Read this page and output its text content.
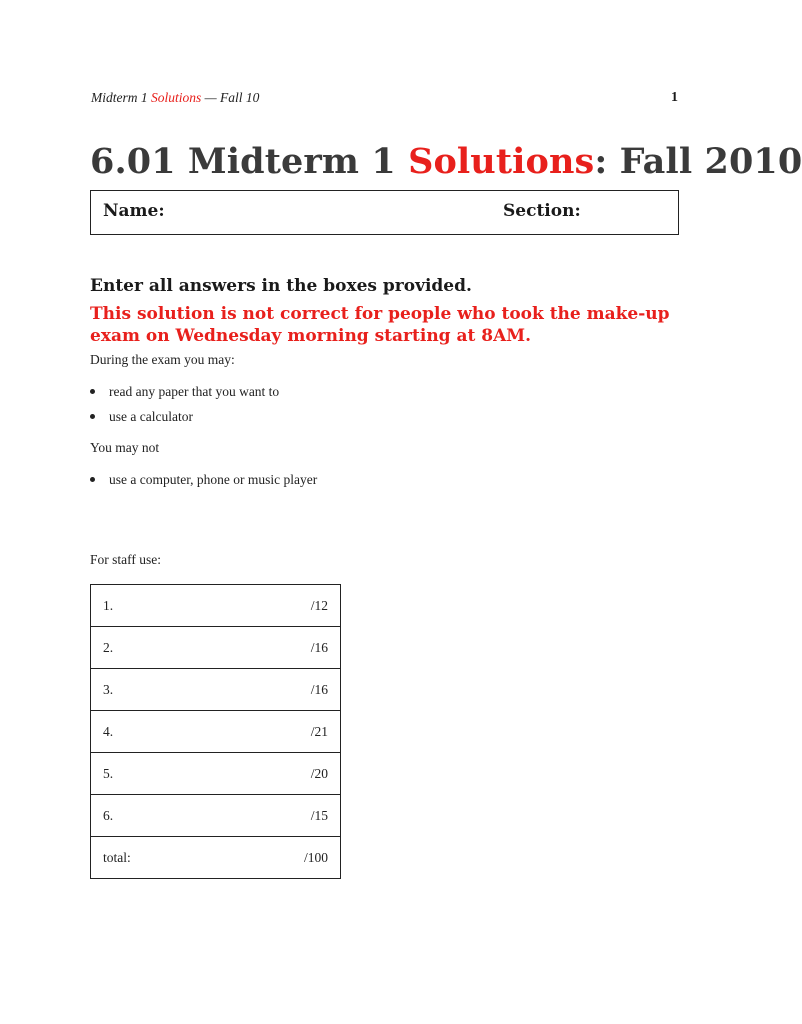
Midterm 1 Solutions — Fall 10	1
6.01 Midterm 1 Solutions: Fall 2010
Name:	Section:
Enter all answers in the boxes provided.
This solution is not correct for people who took the make-up exam on Wednesday morning starting at 8AM.
During the exam you may:
read any paper that you want to
use a calculator
You may not
use a computer, phone or music player
For staff use:
1.	/12
2.	/16
3.	/16
4.	/21
5.	/20
6.	/15
total:	/100
